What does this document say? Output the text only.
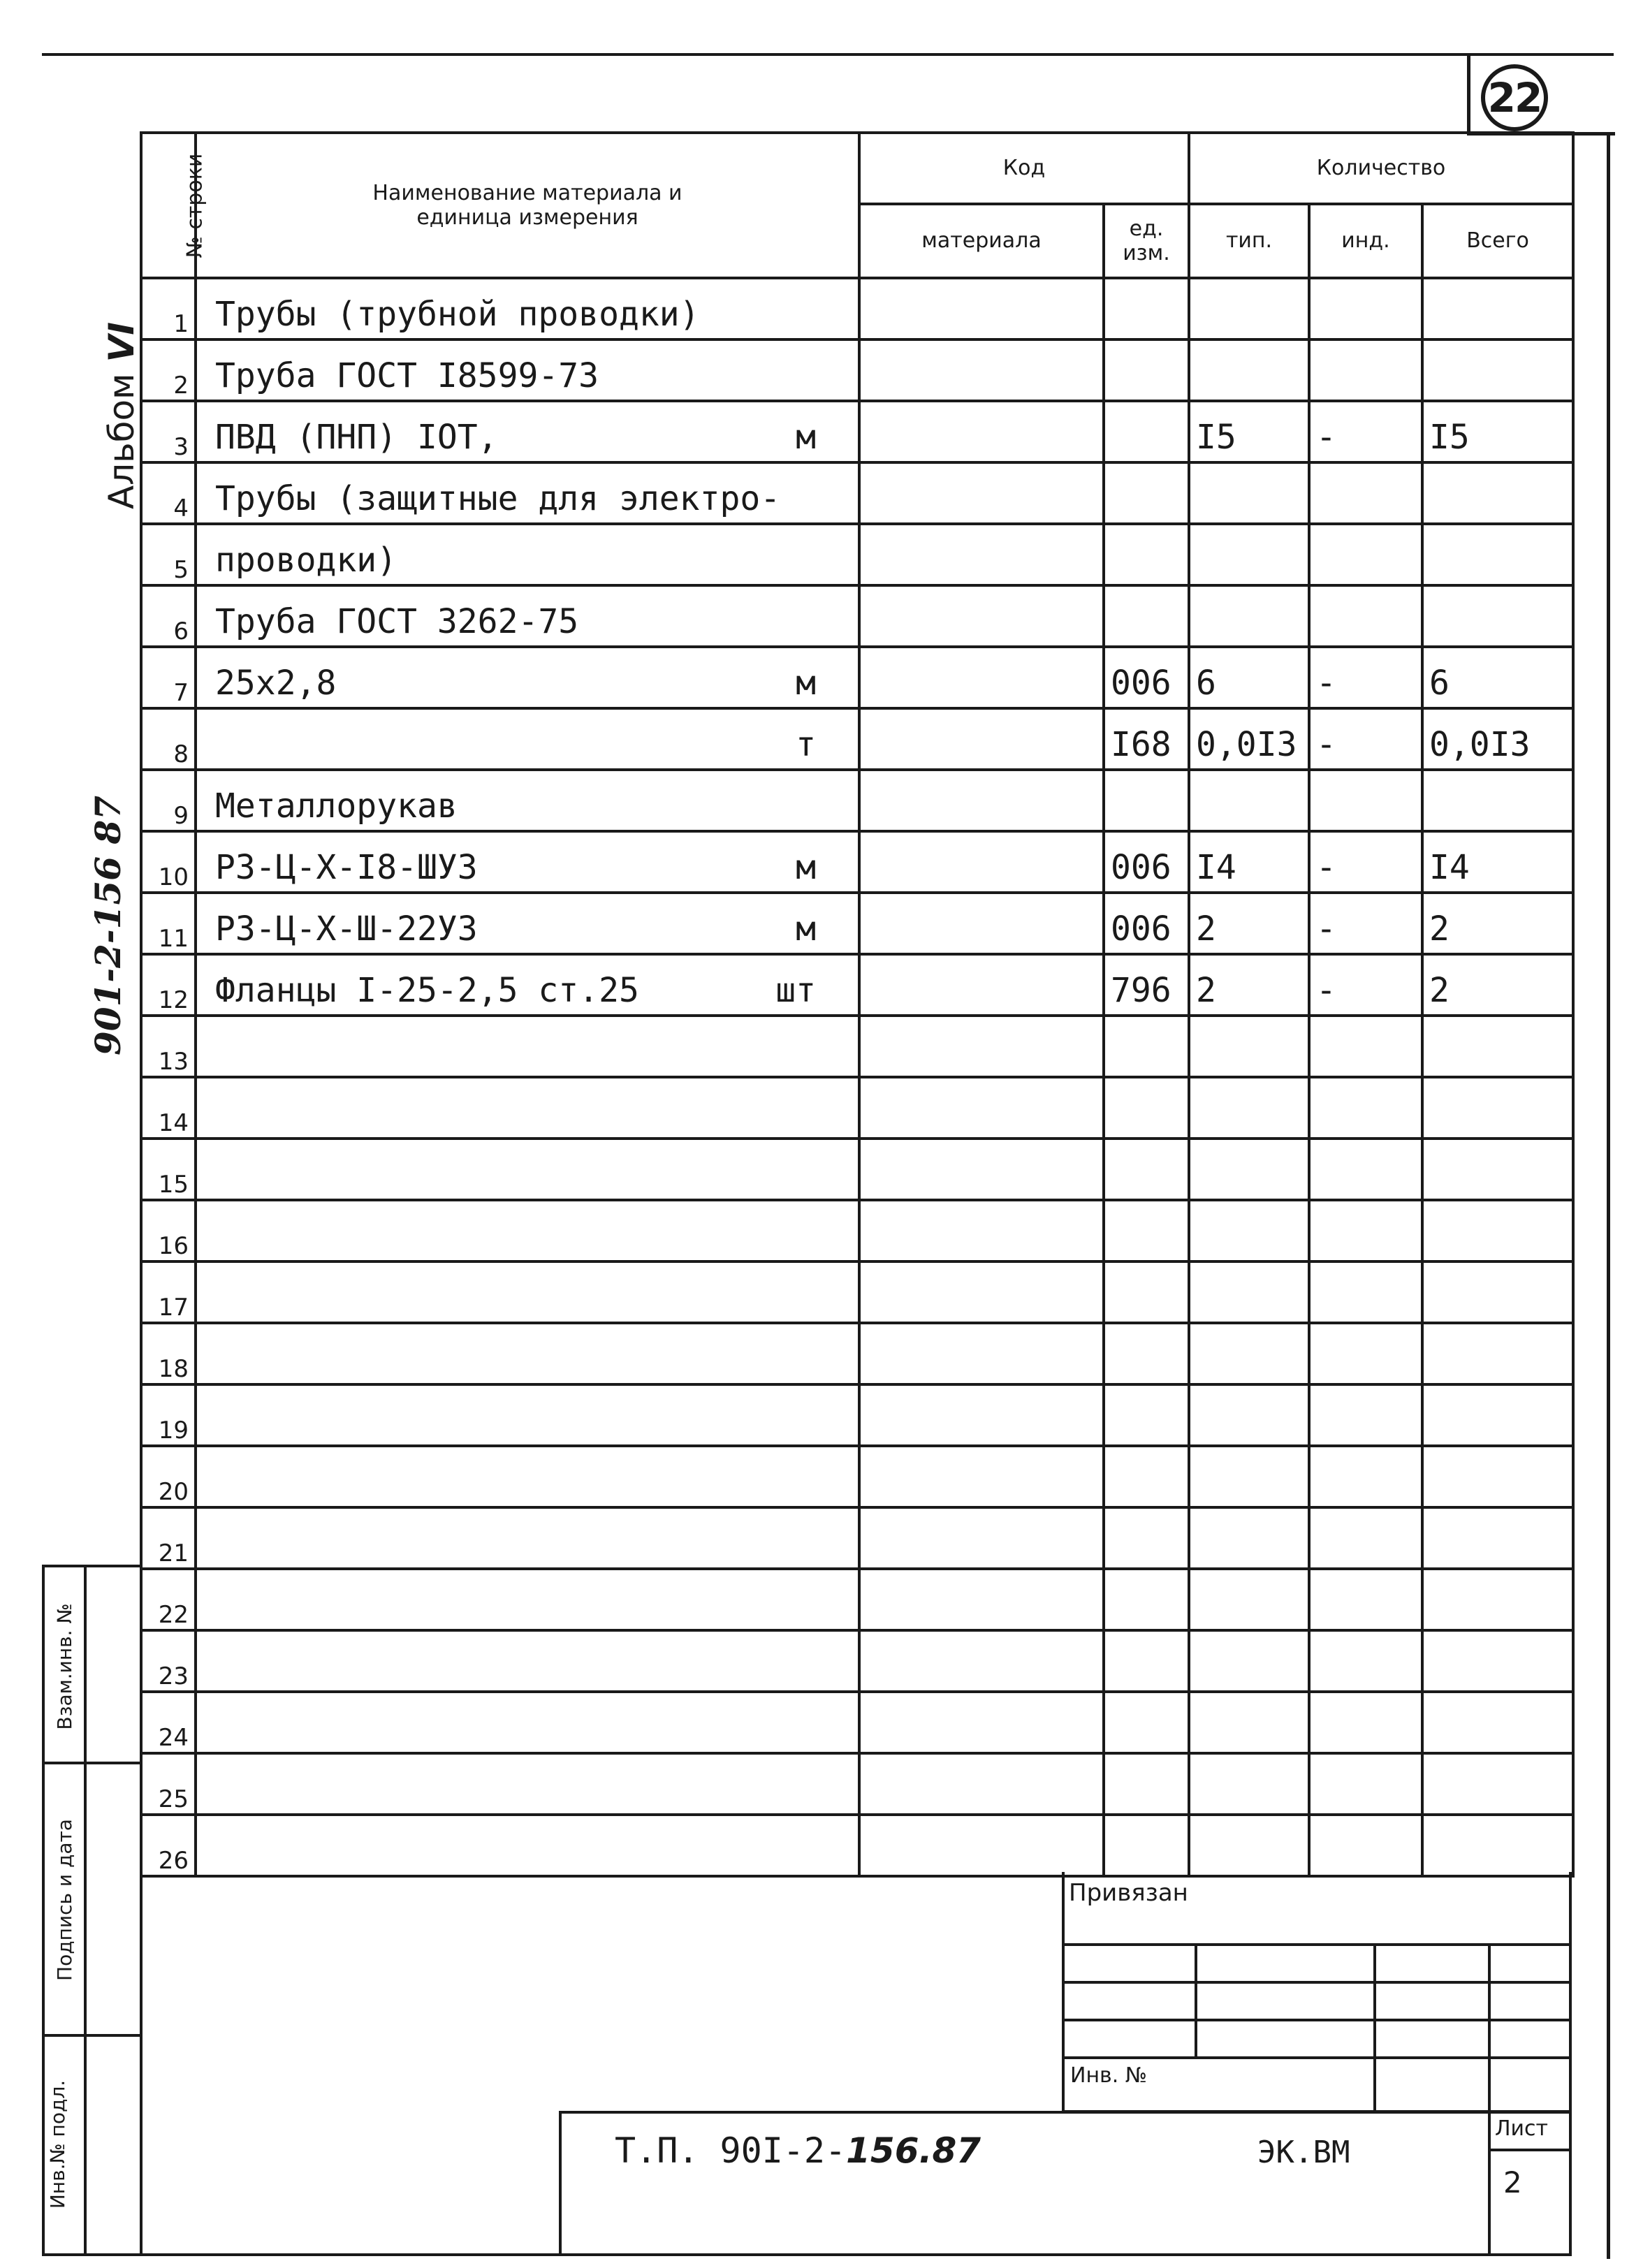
22
Альбом VI
901-2-156 87
№ строки	Наименование материала и единица измерения	Код		Количество		
		материала	ед. изм.	тип.	инд.	Всего
1	Трубы (трубной проводки)

2	Труба ГОСТ I8599-73

3	ПВД (ПНП) IОТ, м			I5	-	I5
4	Трубы (защитные для электро-

5	проводки)

6	Труба ГОСТ 3262-75

7	25х2,8 м		006	6	-	6
8	т		I68	0,0I3	-	0,0I3
9	Металлорукав

10	РЗ-Ц-Х-I8-ШУЗ м		006	I4	-	I4
11	РЗ-Ц-Х-Ш-22УЗ м		006	2	-	2
12	Фланцы I-25-2,5 ст.25 шт		796	2	-	2
13	

14	

15	

16	

17	

18	

19	

20	

21	

22	

23	

24	

25	

26	

Взам.инв. №
Подпись и дата
Инв.№ подл.
Привязан
Инв. №
Т.П. 90I-2-156.87	ЭК.ВМ
Лист
2
